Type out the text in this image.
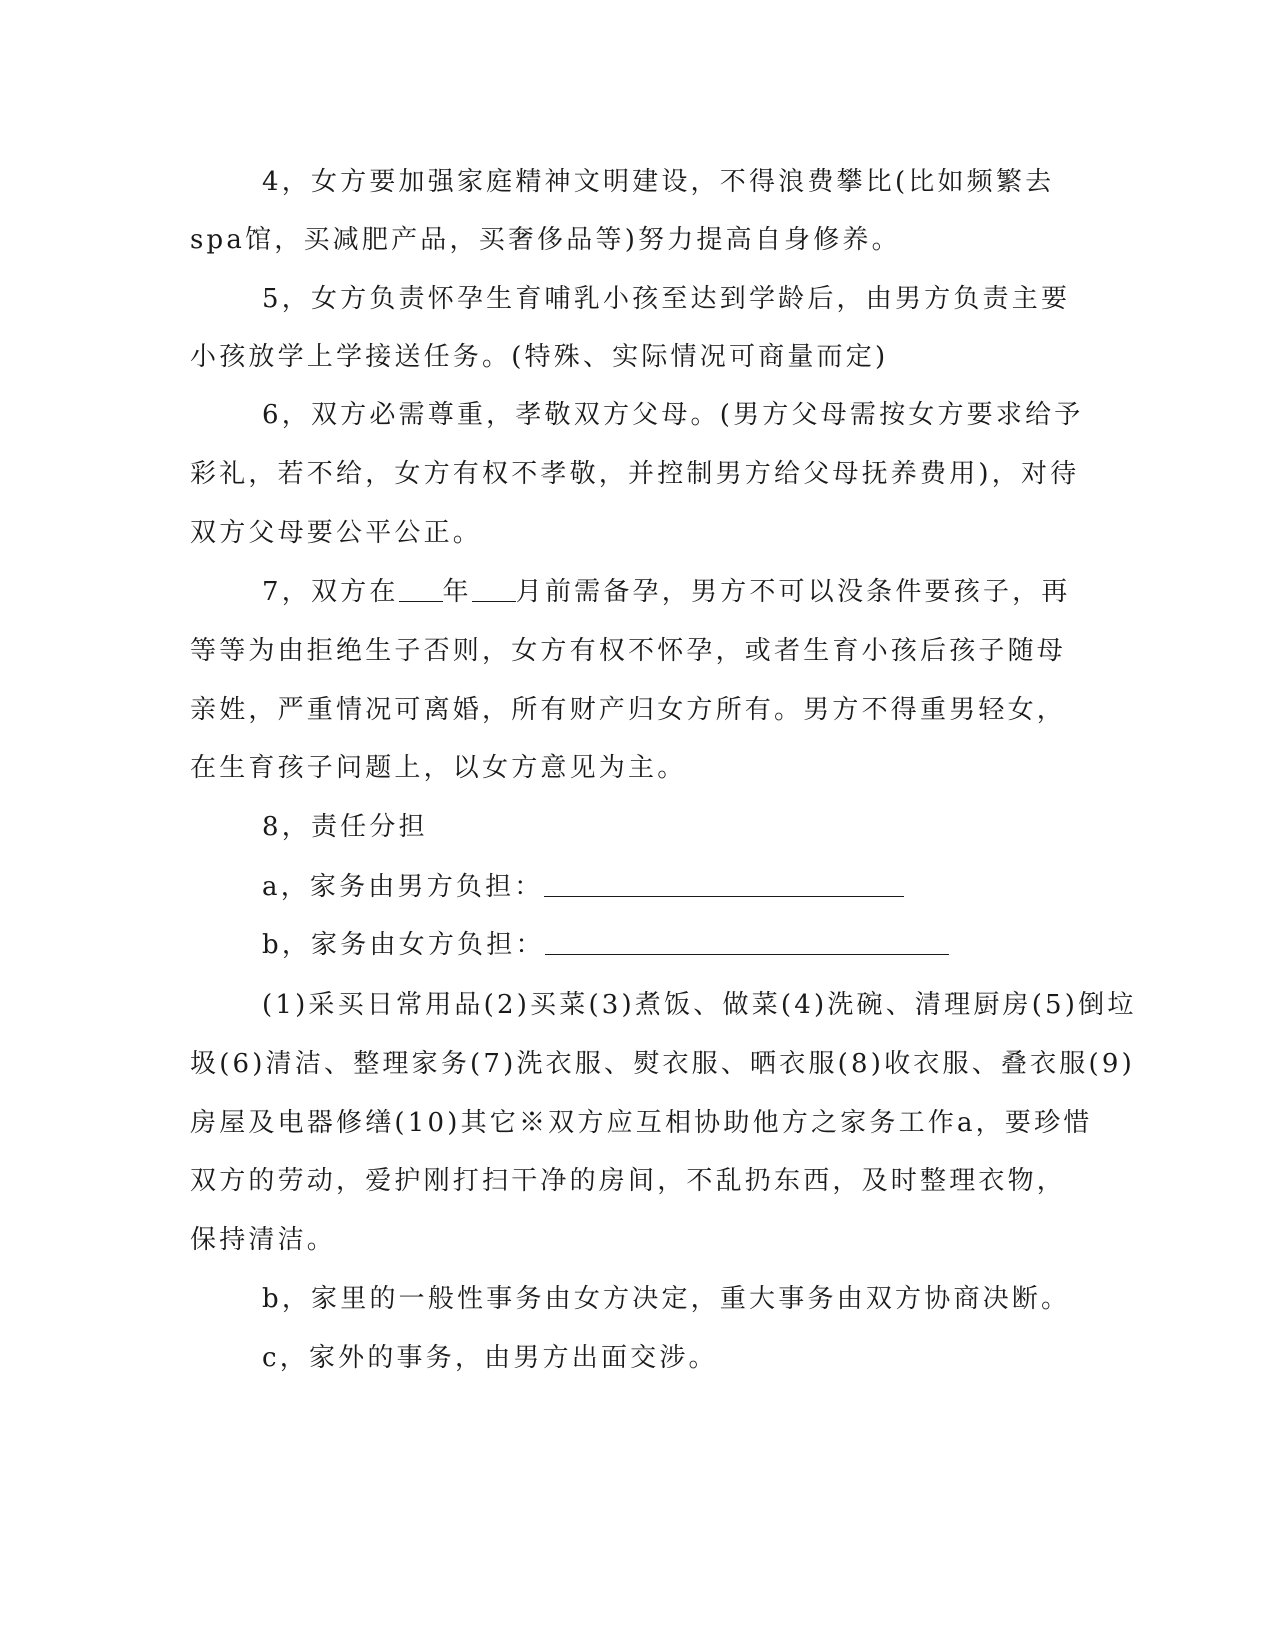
4，女方要加强家庭精神文明建设，不得浪费攀比(比如频繁去
spa馆，买减肥产品，买奢侈品等)努力提高自身修养。
5，女方负责怀孕生育哺乳小孩至达到学龄后，由男方负责主要
小孩放学上学接送任务。(特殊、实际情况可商量而定)
6，双方必需尊重，孝敬双方父母。(男方父母需按女方要求给予
彩礼，若不给，女方有权不孝敬，并控制男方给父母抚养费用)，对待
双方父母要公平公正。
7，双方在 年 月前需备孕，男方不可以没条件要孩子，再
等等为由拒绝生子否则，女方有权不怀孕，或者生育小孩后孩子随母
亲姓，严重情况可离婚，所有财产归女方所有。男方不得重男轻女，
在生育孩子问题上，以女方意见为主。
8，责任分担
a，家务由男方负担：
b，家务由女方负担：
(1)采买日常用品(2)买菜(3)煮饭、做菜(4)洗碗、清理厨房(5)倒垃
圾(6)清洁、整理家务(7)洗衣服、熨衣服、晒衣服(8)收衣服、叠衣服(9)
房屋及电器修缮(10)其它※双方应互相协助他方之家务工作a，要珍惜
双方的劳动，爱护刚打扫干净的房间，不乱扔东西，及时整理衣物，
保持清洁。
b，家里的一般性事务由女方决定，重大事务由双方协商决断。
c，家外的事务，由男方出面交涉。
